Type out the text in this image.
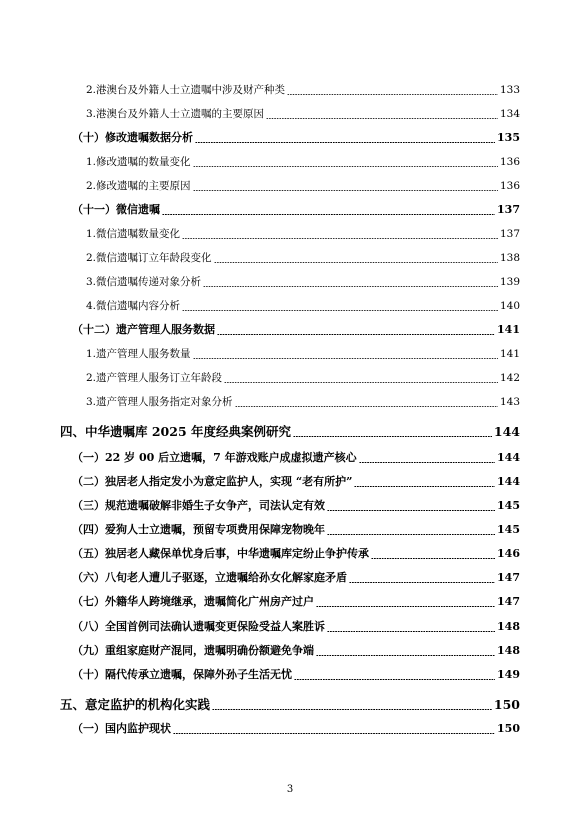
2.港澳台及外籍人士立遗嘱中涉及财产种类	133
3.港澳台及外籍人士立遗嘱的主要原因	134
（十）修改遗嘱数据分析	135
1.修改遗嘱的数量变化	136
2.修改遗嘱的主要原因	136
（十一）微信遗嘱	137
1.微信遗嘱数量变化	137
2.微信遗嘱订立年龄段变化	138
3.微信遗嘱传递对象分析	139
4.微信遗嘱内容分析	140
（十二）遗产管理人服务数据	141
1.遗产管理人服务数量	141
2.遗产管理人服务订立年龄段	142
3.遗产管理人服务指定对象分析	143
四、中华遗嘱库 2025 年度经典案例研究	144
（一）22 岁 00 后立遗嘱，7 年游戏账户成虚拟遗产核心	144
（二）独居老人指定发小为意定监护人，实现 “老有所护”	144
（三）规范遗嘱破解非婚生子女争产，司法认定有效	145
（四）爱狗人士立遗嘱，预留专项费用保障宠物晚年	145
（五）独居老人藏保单忧身后事，中华遗嘱库定纷止争护传承	146
（六）八旬老人遭儿子驱逐，立遗嘱给孙女化解家庭矛盾	147
（七）外籍华人跨境继承，遗嘱简化广州房产过户	147
（八）全国首例司法确认遗嘱变更保险受益人案胜诉	148
（九）重组家庭财产混同，遗嘱明确份额避免争端	148
（十）隔代传承立遗嘱，保障外孙子生活无忧	149
五、意定监护的机构化实践	150
（一）国内监护现状	150
3
